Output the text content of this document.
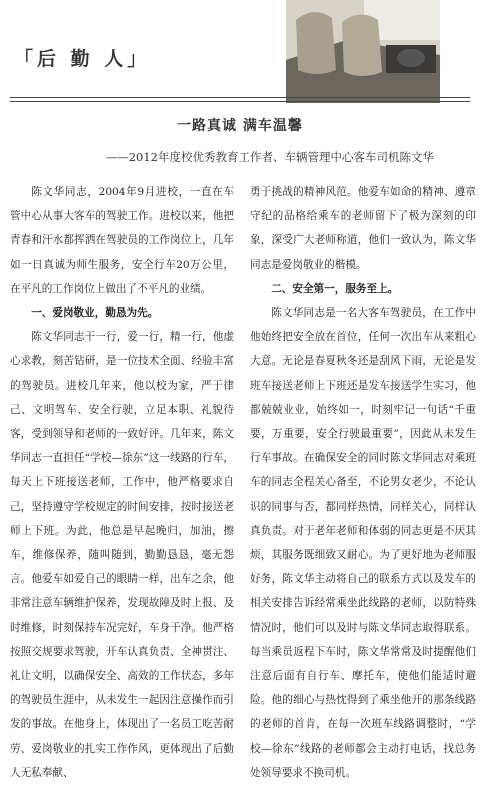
「后 勤 人」
一路真诚 满车温馨
——2012年度校优秀教育工作者、车辆管理中心客车司机陈文华

陈文华同志，2004年9月进校，一直在车管中心从事大客车的驾驶工作。进校以来，他把青春和汗水都挥洒在驾驶员的工作岗位上，几年如一日真诚为师生服务，安全行车20万公里，在平凡的工作岗位上做出了不平凡的业绩。

一、爱岗敬业，勤恳为先。

陈文华同志干一行，爱一行，精一行，他虚心求教，刻苦钻研，是一位技术全面、经验丰富的驾驶员。进校几年来，他以校为家，严于律己、文明驾车、安全行驶，立足本职、礼貌待客，受到领导和老师的一致好评。几年来，陈文华同志一直担任“学校—徐东”这一线路的行车，每天上下班接送老师，工作中，他严格要求自己，坚持遵守学校规定的时间安排，按时接送老师上下班。为此，他总是早起晚归，加油，擦车，维修保养，随叫随到，勤勤恳恳，毫无怨言。他爱车如爱自己的眼睛一样，出车之余，他非常注意车辆维护保养，发现故障及时上报、及时维修，时刻保持车况完好，车身干净。他严格按照交规要求驾驶，开车认真负责、全神贯注、礼让文明，以确保安全、高效的工作状态，多年的驾驶员生涯中，从未发生一起因注意操作而引发的事故。在他身上，体现出了一名员工吃苦耐劳、爱岗敬业的扎实工作作风，更体现出了后勤人无私奉献、

勇于挑战的精神风范。他爱车如命的精神、遵章守纪的品格给乘车的老师留下了极为深刻的印象，深受广大老师称道，他们一致认为，陈文华同志是爱岗敬业的楷模。

二、安全第一，服务至上。

陈文华同志是一名大客车驾驶员，在工作中他始终把安全放在首位，任何一次出车从来粗心大意。无论是春夏秋冬还是刮风下雨，无论是发班车接送老师上下班还是发车接送学生实习，他都兢兢业业，始终如一，时刻牢记一句话“千重要，万重要，安全行驶最重要”，因此从未发生行车事故。在确保安全的同时陈文华同志对乘班车的同志全程关心备至，不论男女老少，不论认识的同事与否，都同样热情，同样关心，同样认真负责。对于老年老师和体弱的同志更是不厌其烦，其服务既细致又耐心。为了更好地为老师服好务，陈文华主动将自己的联系方式以及发车的相关安排告诉经常乘坐此线路的老师，以防特殊情况时，他们可以及时与陈文华同志取得联系。每当乘员返程下车时，陈文华常常及时提醒他们注意后面有自行车、摩托车，使他们能适时避险。他的细心与热忱得到了乘坐他开的那条线路的老师的首肯，在每一次班车线路调整时，“学校—徐东”线路的老师都会主动打电话，找总务处领导要求不换司机。
